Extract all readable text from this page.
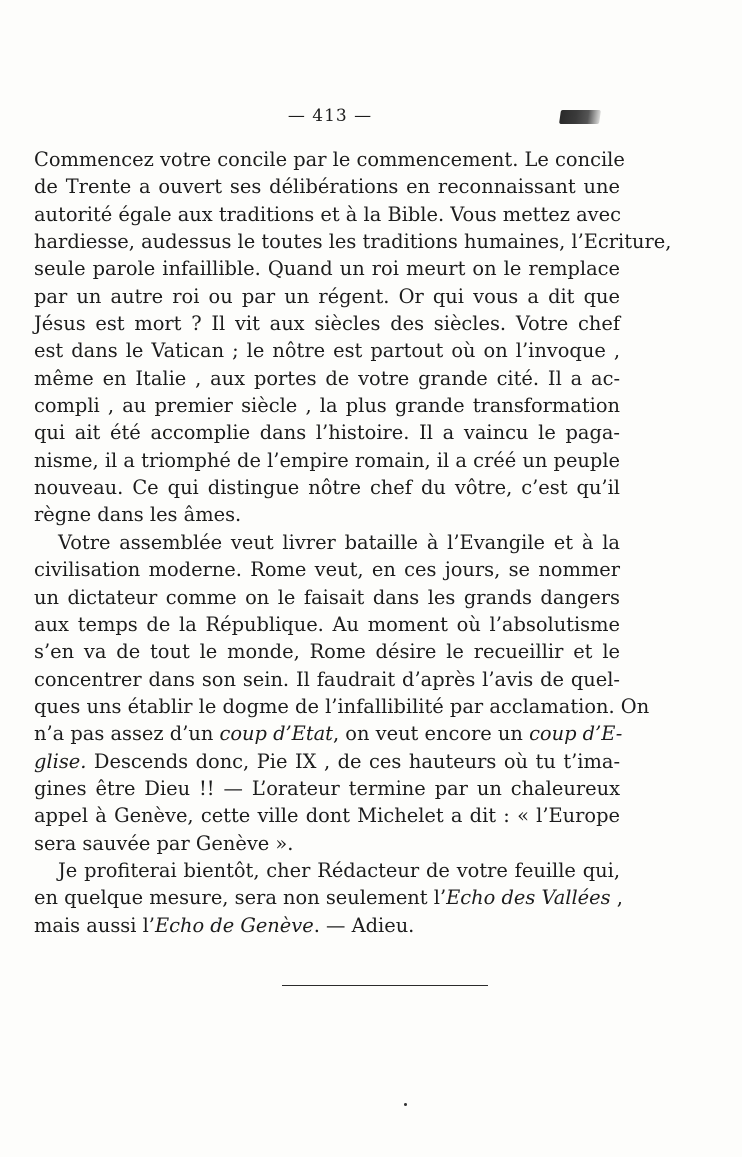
— 413 —
Commencez votre concile par le commencement. Le concile
de Trente a ouvert ses délibérations en reconnaissant une
autorité égale aux traditions et à la Bible. Vous mettez avec
hardiesse, audessus le toutes les traditions humaines, l’Ecriture,
seule parole infaillible. Quand un roi meurt on le remplace
par un autre roi ou par un régent. Or qui vous a dit que
Jésus est mort ? Il vit aux siècles des siècles. Votre chef
est dans le Vatican ; le nôtre est partout où on l’invoque ,
même en Italie , aux portes de votre grande cité. Il a ac-
compli , au premier siècle , la plus grande transformation
qui ait été accomplie dans l’histoire. Il a vaincu le paga-
nisme, il a triomphé de l’empire romain, il a créé un peuple
nouveau. Ce qui distingue nôtre chef du vôtre, c’est qu’il
règne dans les âmes.
Votre assemblée veut livrer bataille à l’Evangile et à la
civilisation moderne. Rome veut, en ces jours, se nommer
un dictateur comme on le faisait dans les grands dangers
aux temps de la République. Au moment où l’absolutisme
s’en va de tout le monde, Rome désire le recueillir et le
concentrer dans son sein. Il faudrait d’après l’avis de quel-
ques uns établir le dogme de l’infallibilité par acclamation. On
n’a pas assez d’un coup d’Etat, on veut encore un coup d’E-
glise. Descends donc, Pie IX , de ces hauteurs où tu t’ima-
gines être Dieu !! — L’orateur termine par un chaleureux
appel à Genève, cette ville dont Michelet a dit : « l’Europe
sera sauvée par Genève ».
Je profiterai bientôt, cher Rédacteur de votre feuille qui,
en quelque mesure, sera non seulement l’Echo des Vallées ,
mais aussi l’Echo de Genève. — Adieu.
